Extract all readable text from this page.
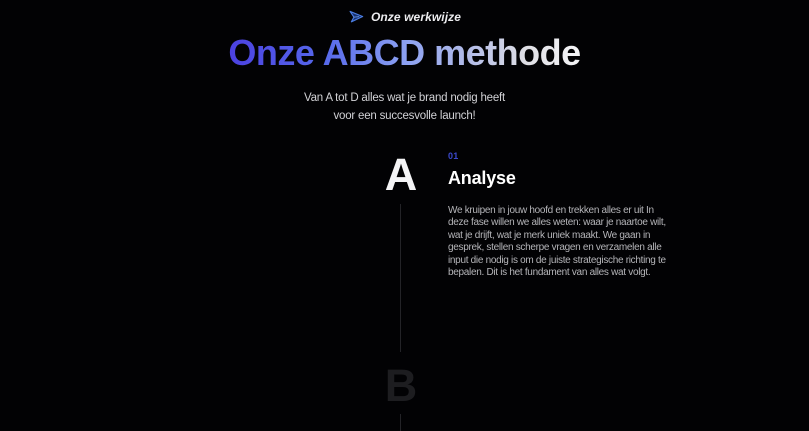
Onze werkwijze
Onze ABCD methode
Van A tot D alles wat je brand nodig heeft
voor een succesvolle launch!
A
B
01
Analyse

We kruipen in jouw hoofd en trekken alles er uit In deze fase willen we alles weten: waar je naartoe wilt, wat je drijft, wat je merk uniek maakt. We gaan in gesprek, stellen scherpe vragen en verzamelen alle input die nodig is om de juiste strategische richting te bepalen. Dit is het fundament van alles wat volgt.
